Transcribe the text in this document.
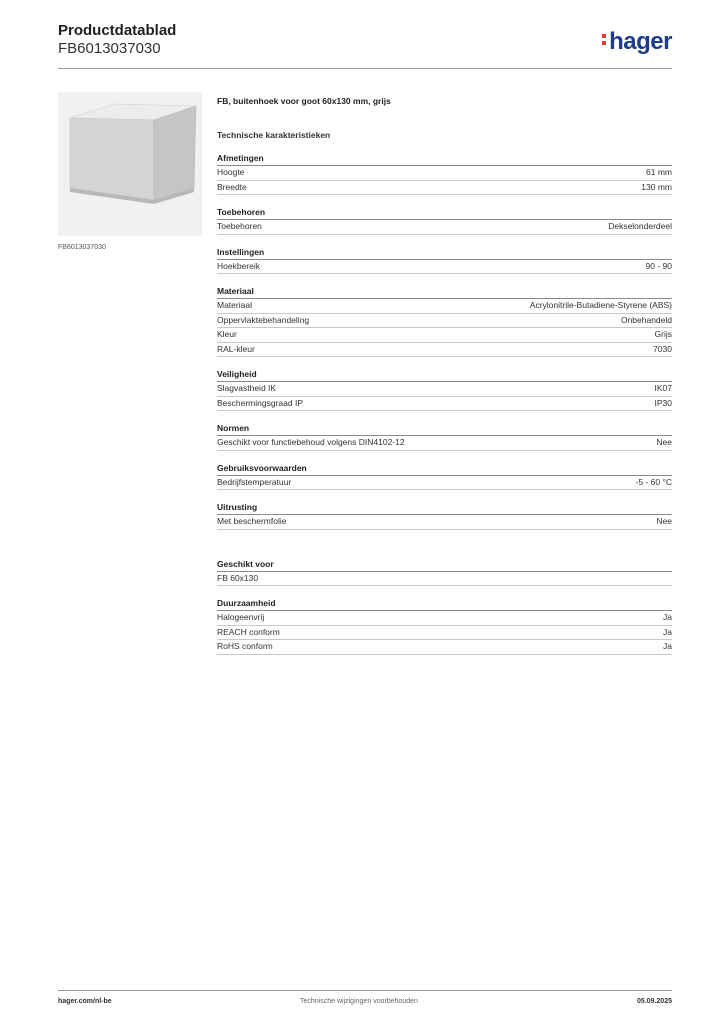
Productdatablad
FB6013037030	hager
FB6013037030
FB, buitenhoek voor goot 60x130 mm, grijs
Technische karakteristieken
Afmetingen
Hoogte	61 mm
Breedte	130 mm
Toebehoren
Toebehoren	Dekselonderdeel
Instellingen
Hoekbereik	90 - 90
Materiaal
Materiaal	Acrylonitrile-Butadiene-Styrene (ABS)
Oppervlaktebehandeling	Onbehandeld
Kleur	Grijs
RAL-kleur	7030
Veiligheid
Slagvastheid IK	IK07
Beschermingsgraad IP	IP30
Normen
Geschikt voor functiebehoud volgens DIN4102-12	Nee
Gebruiksvoorwaarden
Bedrijfstemperatuur	-5 - 60 °C
Uitrusting
Met beschermfolie	Nee
Geschikt voor
FB 60x130
Duurzaamheid
Halogeenvrij	Ja
REACH conform	Ja
RoHS conform	Ja
hager.com/nl-be	Technische wijzigingen voorbehouden	05.09.2025
